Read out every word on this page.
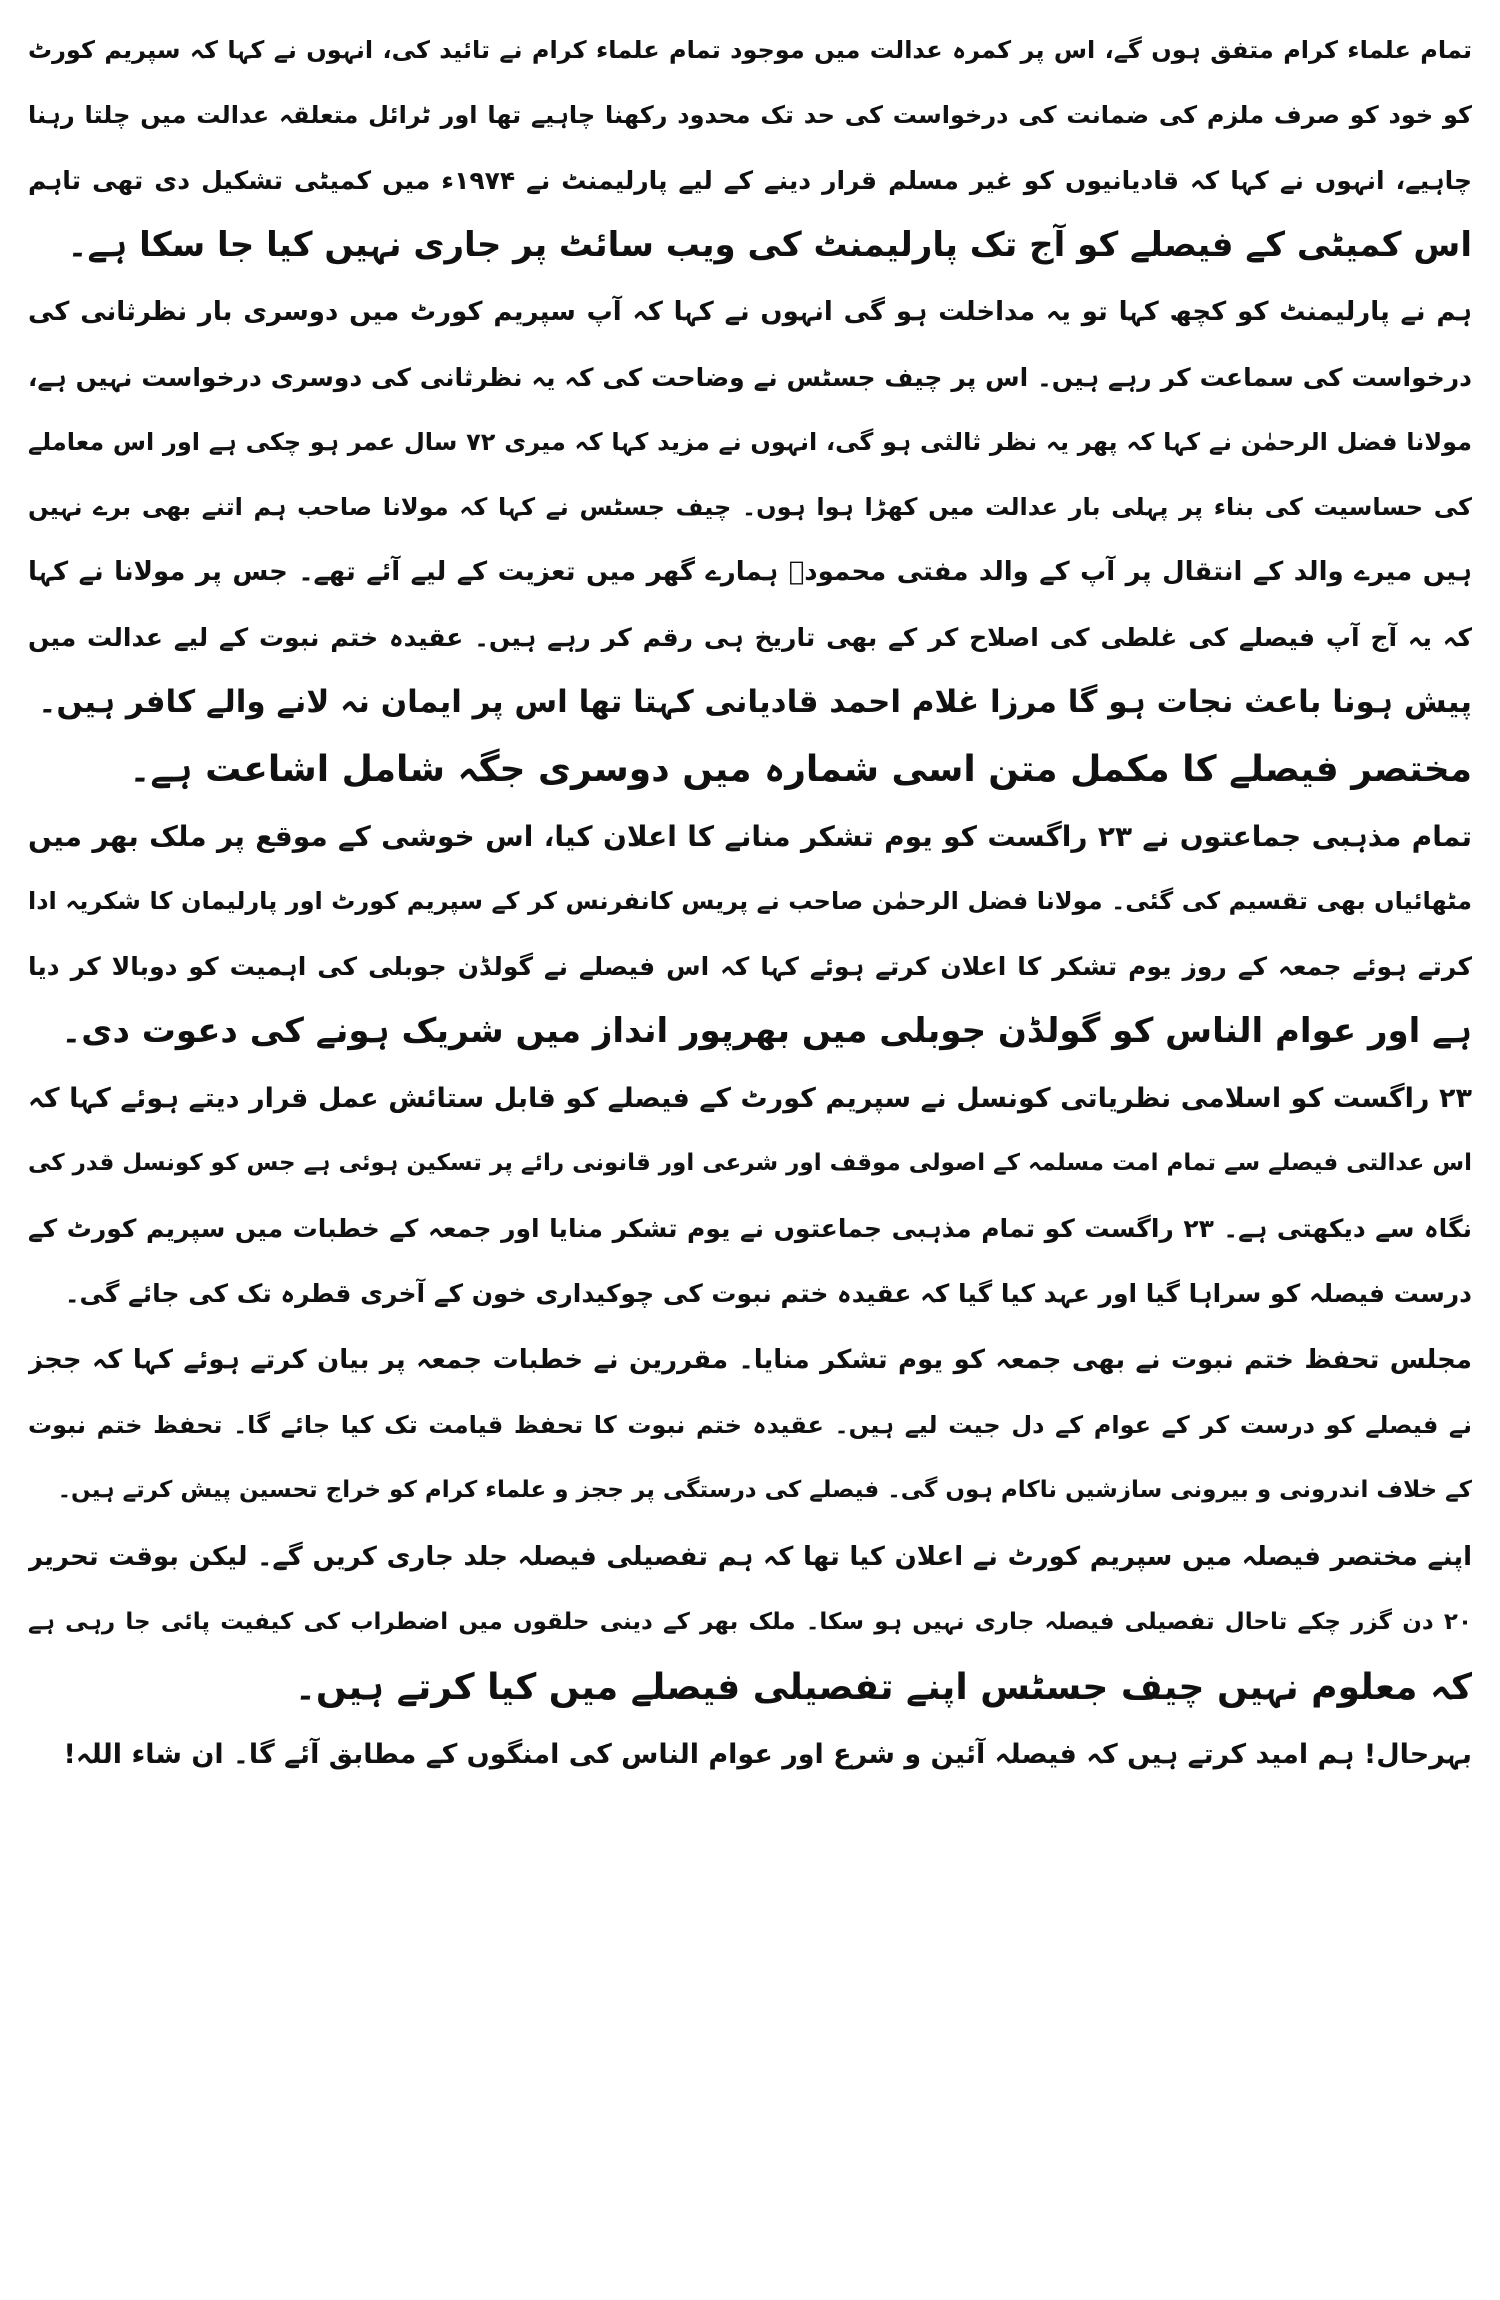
تمام علماء کرام متفق ہوں گے، اس پر کمرہ عدالت میں موجود تمام علماء کرام نے تائید کی، انہوں نے کہا کہ سپریم کورٹ
کو خود کو صرف ملزم کی ضمانت کی درخواست کی حد تک محدود رکھنا چاہیے تھا اور ٹرائل متعلقہ عدالت میں چلتا رہنا
چاہیے، انہوں نے کہا کہ قادیانیوں کو غیر مسلم قرار دینے کے لیے پارلیمنٹ نے ۱۹۷۴ء میں کمیٹی تشکیل دی تھی تاہم
اس کمیٹی کے فیصلے کو آج تک پارلیمنٹ کی ویب سائٹ پر جاری نہیں کیا جا سکا ہے۔
ہم نے پارلیمنٹ کو کچھ کہا تو یہ مداخلت ہو گی انہوں نے کہا کہ آپ سپریم کورٹ میں دوسری بار نظرثانی کی
درخواست کی سماعت کر رہے ہیں۔ اس پر چیف جسٹس نے وضاحت کی کہ یہ نظرثانی کی دوسری درخواست نہیں ہے،
مولانا فضل الرحمٰن نے کہا کہ پھر یہ نظر ثالثی ہو گی، انہوں نے مزید کہا کہ میری ۷۲ سال عمر ہو چکی ہے اور اس معاملے
کی حساسیت کی بناء پر پہلی بار عدالت میں کھڑا ہوا ہوں۔ چیف جسٹس نے کہا کہ مولانا صاحب ہم اتنے بھی برے نہیں
ہیں میرے والد کے انتقال پر آپ کے والد مفتی محمودؒ ہمارے گھر میں تعزیت کے لیے آئے تھے۔ جس پر مولانا نے کہا
کہ یہ آج آپ فیصلے کی غلطی کی اصلاح کر کے بھی تاریخ ہی رقم کر رہے ہیں۔ عقیدہ ختم نبوت کے لیے عدالت میں
پیش ہونا باعث نجات ہو گا مرزا غلام احمد قادیانی کہتا تھا اس پر ایمان نہ لانے والے کافر ہیں۔
مختصر فیصلے کا مکمل متن اسی شمارہ میں دوسری جگہ شامل اشاعت ہے۔
تمام مذہبی جماعتوں نے ۲۳ راگست کو یوم تشکر منانے کا اعلان کیا، اس خوشی کے موقع پر ملک بھر میں
مٹھائیاں بھی تقسیم کی گئی۔ مولانا فضل الرحمٰن صاحب نے پریس کانفرنس کر کے سپریم کورٹ اور پارلیمان کا شکریہ ادا
کرتے ہوئے جمعہ کے روز یوم تشکر کا اعلان کرتے ہوئے کہا کہ اس فیصلے نے گولڈن جوبلی کی اہمیت کو دوبالا کر دیا
ہے اور عوام الناس کو گولڈن جوبلی میں بھرپور انداز میں شریک ہونے کی دعوت دی۔
۲۳ راگست کو اسلامی نظریاتی کونسل نے سپریم کورٹ کے فیصلے کو قابل ستائش عمل قرار دیتے ہوئے کہا کہ
اس عدالتی فیصلے سے تمام امت مسلمہ کے اصولی موقف اور شرعی اور قانونی رائے پر تسکین ہوئی ہے جس کو کونسل قدر کی
نگاہ سے دیکھتی ہے۔ ۲۳ راگست کو تمام مذہبی جماعتوں نے یوم تشکر منایا اور جمعہ کے خطبات میں سپریم کورٹ کے
درست فیصلہ کو سراہا گیا اور عہد کیا گیا کہ عقیدہ ختم نبوت کی چوکیداری خون کے آخری قطرہ تک کی جائے گی۔
مجلس تحفظ ختم نبوت نے بھی جمعہ کو یوم تشکر منایا۔ مقررین نے خطبات جمعہ پر بیان کرتے ہوئے کہا کہ ججز
نے فیصلے کو درست کر کے عوام کے دل جیت لیے ہیں۔ عقیدہ ختم نبوت کا تحفظ قیامت تک کیا جائے گا۔ تحفظ ختم نبوت
کے خلاف اندرونی و بیرونی سازشیں ناکام ہوں گی۔ فیصلے کی درستگی پر ججز و علماء کرام کو خراج تحسین پیش کرتے ہیں۔
اپنے مختصر فیصلہ میں سپریم کورٹ نے اعلان کیا تھا کہ ہم تفصیلی فیصلہ جلد جاری کریں گے۔ لیکن بوقت تحریر
۲۰ دن گزر چکے تاحال تفصیلی فیصلہ جاری نہیں ہو سکا۔ ملک بھر کے دینی حلقوں میں اضطراب کی کیفیت پائی جا رہی ہے
کہ معلوم نہیں چیف جسٹس اپنے تفصیلی فیصلے میں کیا کرتے ہیں۔
بہرحال! ہم امید کرتے ہیں کہ فیصلہ آئین و شرع اور عوام الناس کی امنگوں کے مطابق آئے گا۔ ان شاء اللہ!
